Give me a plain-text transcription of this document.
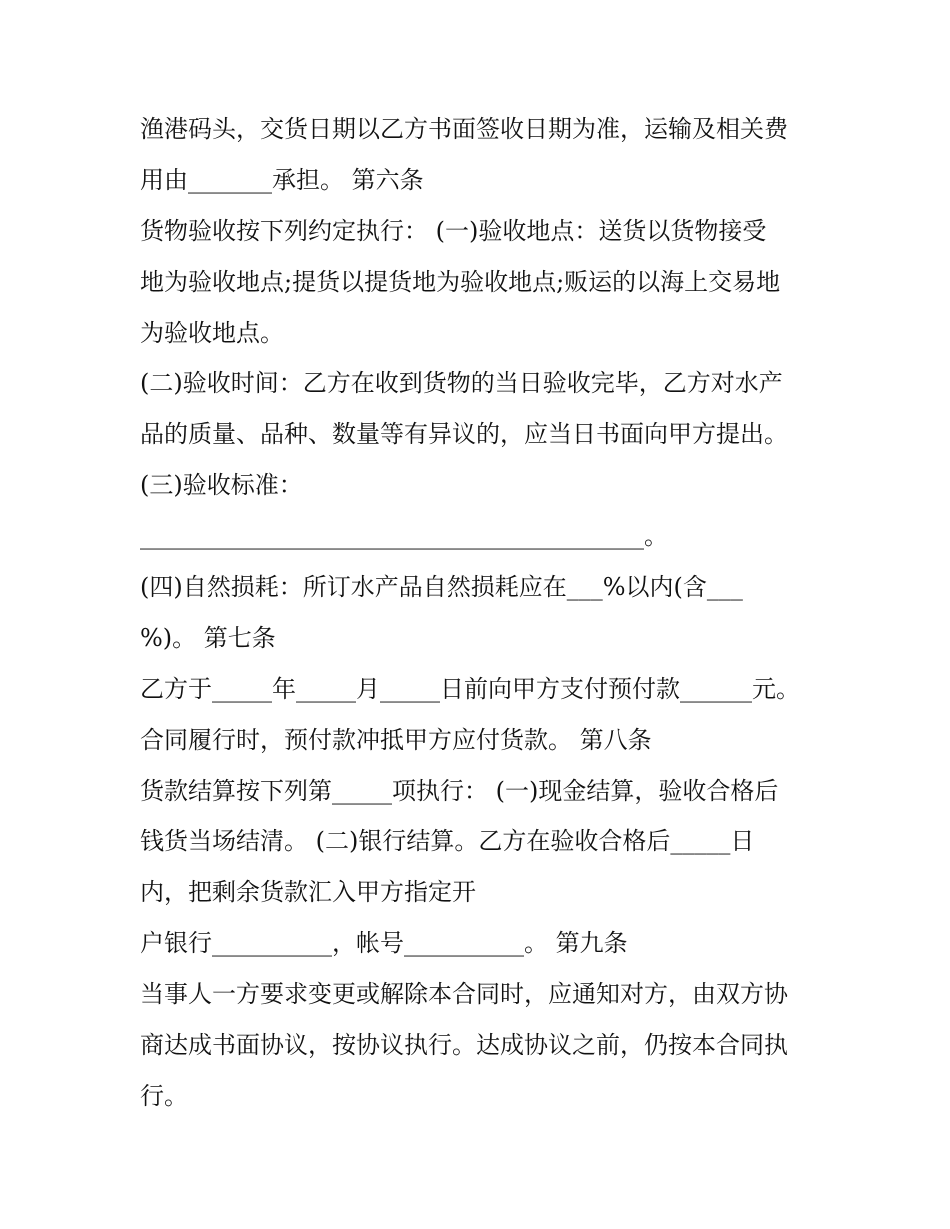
渔港码头，交货日期以乙方书面签收日期为准，运输及相关费

用由_______承担。 第六条

货物验收按下列约定执行： (一)验收地点：送货以货物接受

地为验收地点;提货以提货地为验收地点;贩运的以海上交易地

为验收地点。

(二)验收时间：乙方在收到货物的当日验收完毕，乙方对水产

品的质量、品种、数量等有异议的，应当日书面向甲方提出。

(三)验收标准：

__________________________________________。

(四)自然损耗：所订水产品自然损耗应在___%以内(含___

%)。 第七条

乙方于_____年_____月_____日前向甲方支付预付款______元。

合同履行时，预付款冲抵甲方应付货款。 第八条

货款结算按下列第_____项执行： (一)现金结算，验收合格后

钱货当场结清。 (二)银行结算。乙方在验收合格后_____日

内，把剩余货款汇入甲方指定开

户银行__________，帐号__________。 第九条

当事人一方要求变更或解除本合同时，应通知对方，由双方协

商达成书面协议，按协议执行。达成协议之前，仍按本合同执

行。
